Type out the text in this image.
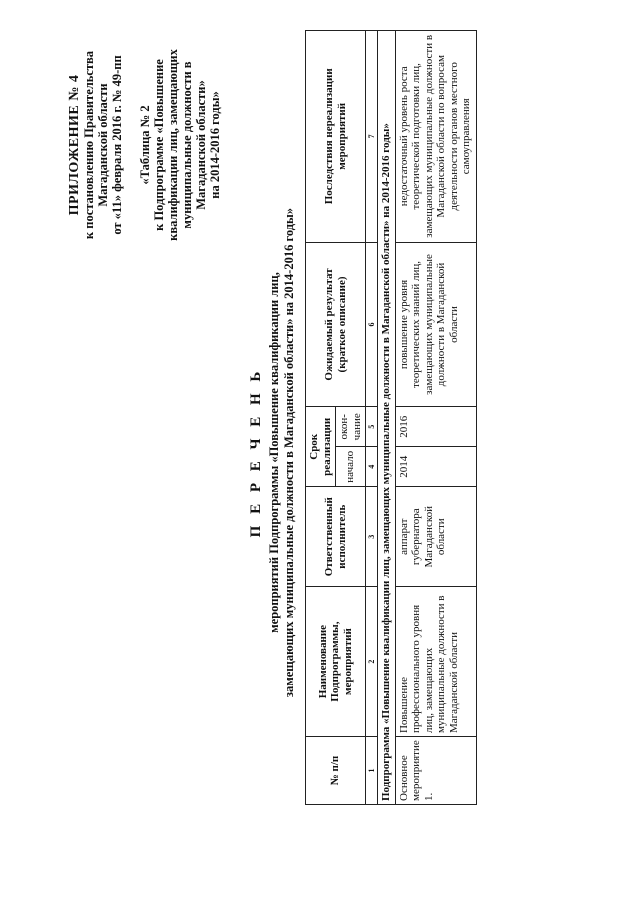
ПРИЛОЖЕНИЕ № 4 к постановлению Правительства Магаданской области от «11» февраля 2016 г. № 49-пп «Таблица № 2 к Подпрограмме «Повышение квалификации лиц, замещающих муниципальные должности в Магаданской области» на 2014-2016 годы»
П Е Р Е Ч Е Н Ь мероприятий Подпрограммы «Повышение квалификации лиц, замещающих муниципальные должности в Магаданской области» на 2014-2016 годы»
№ п/п	Наименование Подпрограммы, мероприятий	Ответственный исполнитель	Срок реализации		Ожидаемый результат (краткое описание)	Последствия нереализации мероприятий
			начало	окон-чание		
1	2	3	4	5	6	7
Подпрограмма «Повышение квалификации лиц, замещающих муниципальные должности в Магаданской области» на 2014-2016 годы»						
Основное мероприятие 1.	Повышение профессионального уровня лиц, замещающих муниципальные должности в Магаданской области	аппарат губернатора Магаданской области	2014	2016	повышение уровня теоретических знаний лиц, замещающих муниципальные должности в Магаданской области	недостаточный уровень роста теоретической подготовки лиц, замещающих муниципальные должности в Магаданской области по вопросам деятельности органов местного самоуправления
